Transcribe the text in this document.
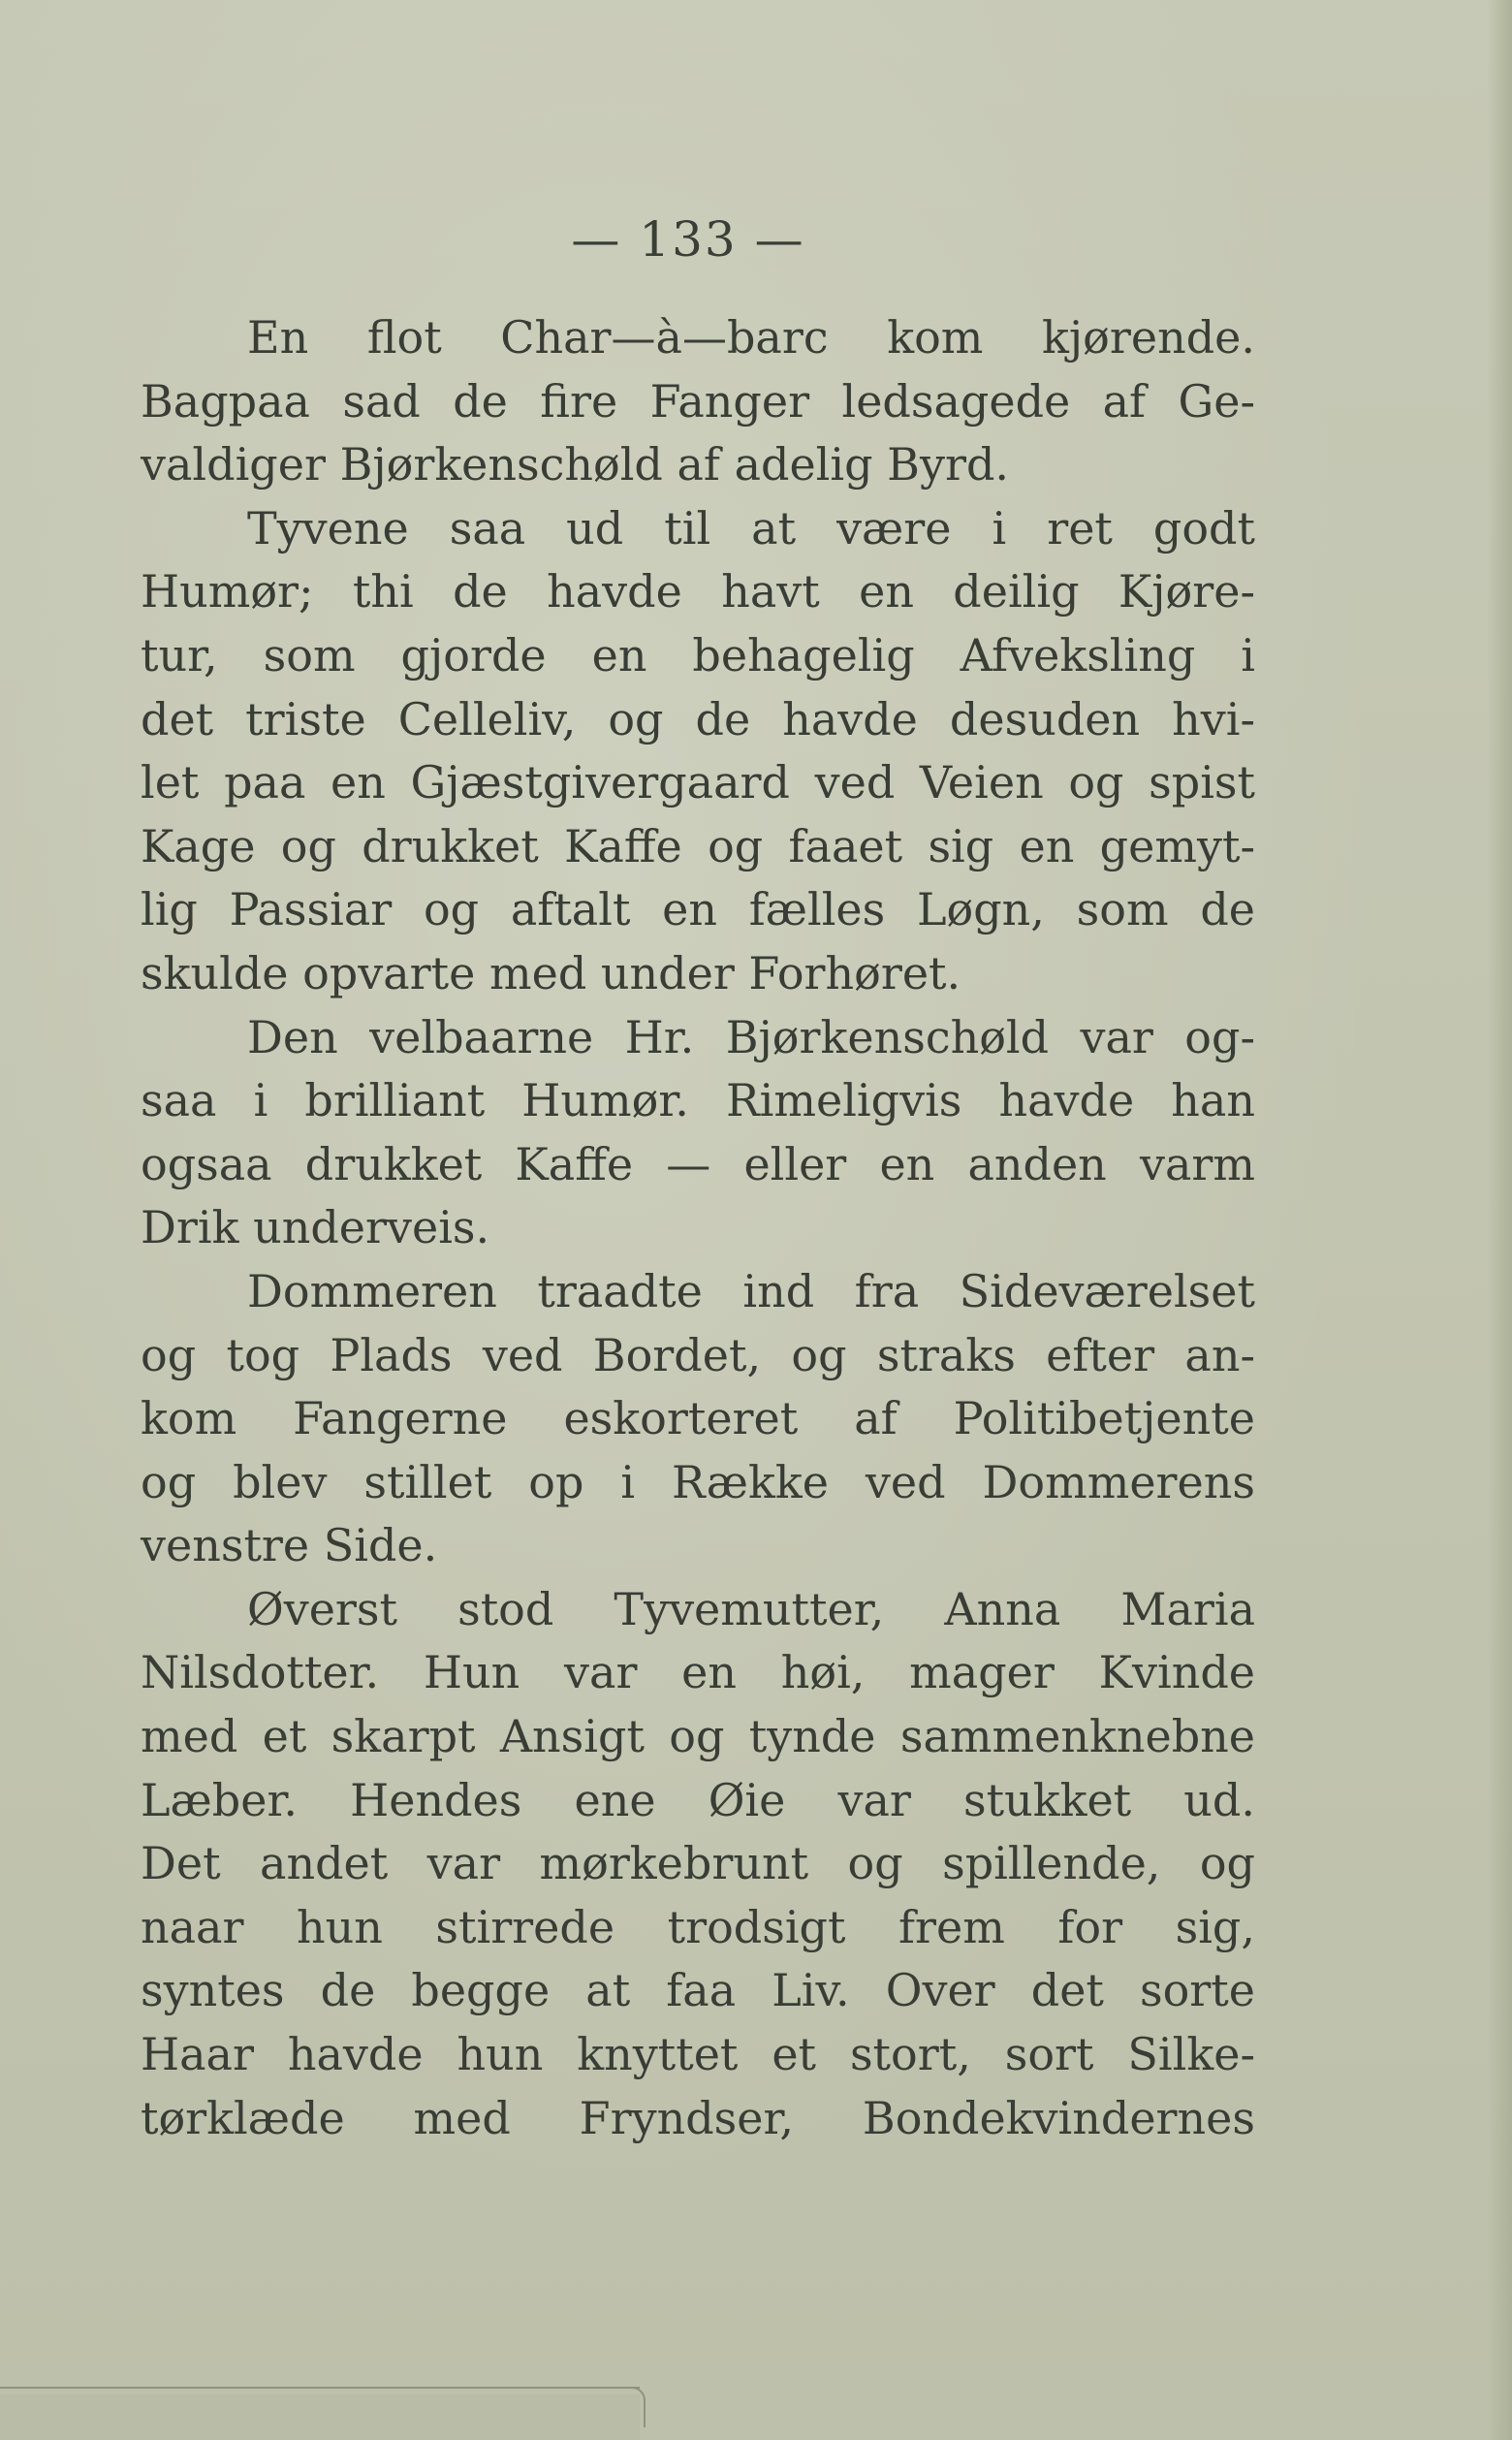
— 133 —
En flot Char—à—barc kom kjørende.
Bagpaa sad de fire Fanger ledsagede af Ge-
valdiger Bjørkenschøld af adelig Byrd.
Tyvene saa ud til at være i ret godt
Humør; thi de havde havt en deilig Kjøre-
tur, som gjorde en behagelig Afveksling i
det triste Celleliv, og de havde desuden hvi-
let paa en Gjæstgivergaard ved Veien og spist
Kage og drukket Kaffe og faaet sig en gemyt-
lig Passiar og aftalt en fælles Løgn, som de
skulde opvarte med under Forhøret.
Den velbaarne Hr. Bjørkenschøld var og-
saa i brilliant Humør. Rimeligvis havde han
ogsaa drukket Kaffe — eller en anden varm
Drik underveis.
Dommeren traadte ind fra Sideværelset
og tog Plads ved Bordet, og straks efter an-
kom Fangerne eskorteret af Politibetjente
og blev stillet op i Række ved Dommerens
venstre Side.
Øverst stod Tyvemutter, Anna Maria
Nilsdotter. Hun var en høi, mager Kvinde
med et skarpt Ansigt og tynde sammenknebne
Læber. Hendes ene Øie var stukket ud.
Det andet var mørkebrunt og spillende, og
naar hun stirrede trodsigt frem for sig,
syntes de begge at faa Liv. Over det sorte
Haar havde hun knyttet et stort, sort Silke-
tørklæde med Fryndser, Bondekvindernes
